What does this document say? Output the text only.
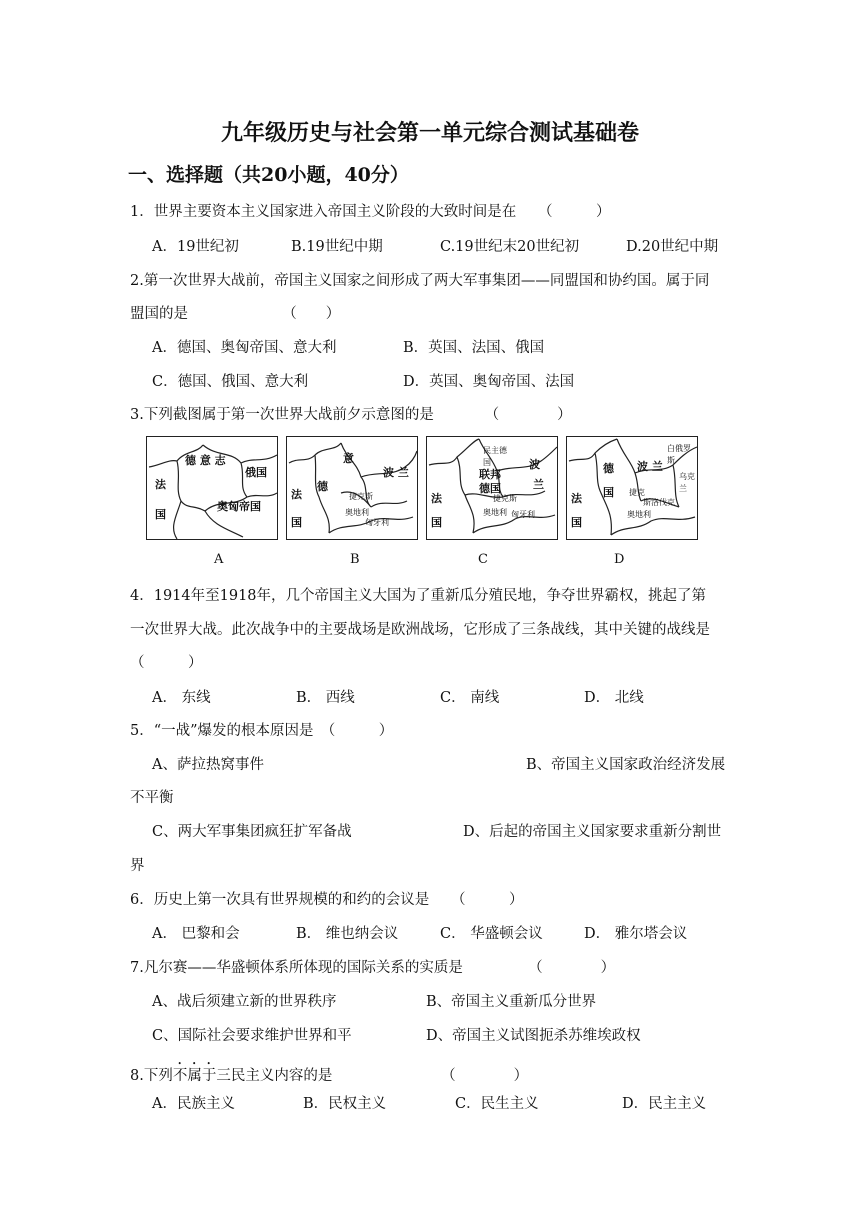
九年级历史与社会第一单元综合测试基础卷
一、选择题（共20小题，40分）
1．世界主要资本主义国家进入帝国主义阶段的大致时间是在　　（　　　）
A．19世纪初	B.19世纪中期	C.19世纪末20世纪初	D.20世纪中期
2.第一次世界大战前，帝国主义国家之间形成了两大军事集团——同盟国和协约国。属于同
盟国的是　　　　　　　（　　）
A．德国、奥匈帝国、意大利	B．英国、法国、俄国
C．德国、俄国、意大利	D．英国、奥匈帝国、法国
3.下列截图属于第一次世界大战前夕示意图的是　　　　（　　　　）
德 意 志
俄国
法
奥匈帝国
国
意
波 兰
法
德
捷克斯
匈牙利
奥地利
国
民主德国	波
联邦
德国
法	捷克斯
兰
匈牙利
国
奥地利
白俄罗斯
德 波 兰
乌克兰
法 国 捷克
斯洛伐克
奥地利
国
A	B	C	D
4．1914年至1918年，几个帝国主义大国为了重新瓜分殖民地，争夺世界霸权，挑起了第
一次世界大战。此次战争中的主要战场是欧洲战场，它形成了三条战线，其中关键的战线是
（　　　）
A． 东线	B． 西线	C． 南线	D． 北线
5．“一战”爆发的根本原因是　（　　　）
A、萨拉热窝事件	B、帝国主义国家政治经济发展
不平衡
C、两大军事集团疯狂扩军备战	D、后起的帝国主义国家要求重新分割世
界
6．历史上第一次具有世界规模的和约的会议是　　（　　　）
A． 巴黎和会	B． 维也纳会议	C． 华盛顿会议	D． 雅尔塔会议
7.凡尔赛——华盛顿体系所体现的国际关系的实质是　　　　　（　　　　）
A、战后须建立新的世界秩序	B、帝国主义重新瓜分世界
C、国际社会要求维护世界和平	D、帝国主义试图扼杀苏维埃政权
8.下列不属于三民主义内容的是　　　　　　　　（　　　　）
A．民族主义	B．民权主义	C．民生主义	D．民主主义
